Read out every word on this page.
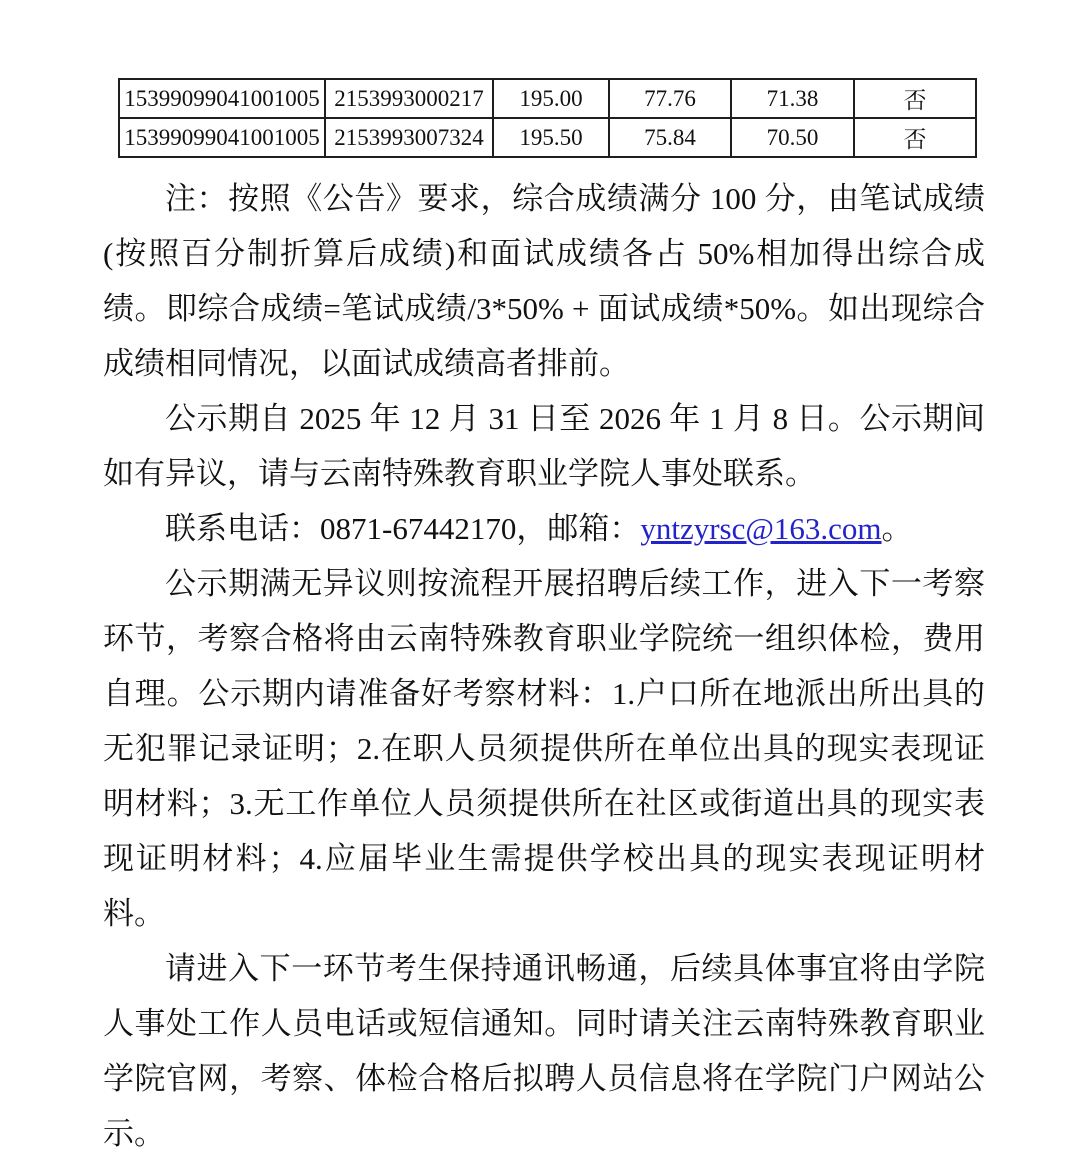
15399099041001005	2153993000217	195.00	77.76	71.38	否
15399099041001005	2153993007324	195.50	75.84	70.50	否

注：按照《公告》要求，综合成绩满分 100 分，由笔试成绩(按照百分制折算后成绩)和面试成绩各占 50%相加得出综合成绩。即综合成绩=笔试成绩/3*50% + 面试成绩*50%。如出现综合成绩相同情况，以面试成绩高者排前。

公示期自 2025 年 12 月 31 日至 2026 年 1 月 8 日。公示期间如有异议，请与云南特殊教育职业学院人事处联系。

联系电话：0871-67442170，邮箱：yntzyrsc@163.com。

公示期满无异议则按流程开展招聘后续工作，进入下一考察环节，考察合格将由云南特殊教育职业学院统一组织体检，费用自理。公示期内请准备好考察材料：1.户口所在地派出所出具的无犯罪记录证明；2.在职人员须提供所在单位出具的现实表现证明材料；3.无工作单位人员须提供所在社区或街道出具的现实表现证明材料；4.应届毕业生需提供学校出具的现实表现证明材料。

请进入下一环节考生保持通讯畅通，后续具体事宜将由学院人事处工作人员电话或短信通知。同时请关注云南特殊教育职业学院官网，考察、体检合格后拟聘人员信息将在学院门户网站公示。
